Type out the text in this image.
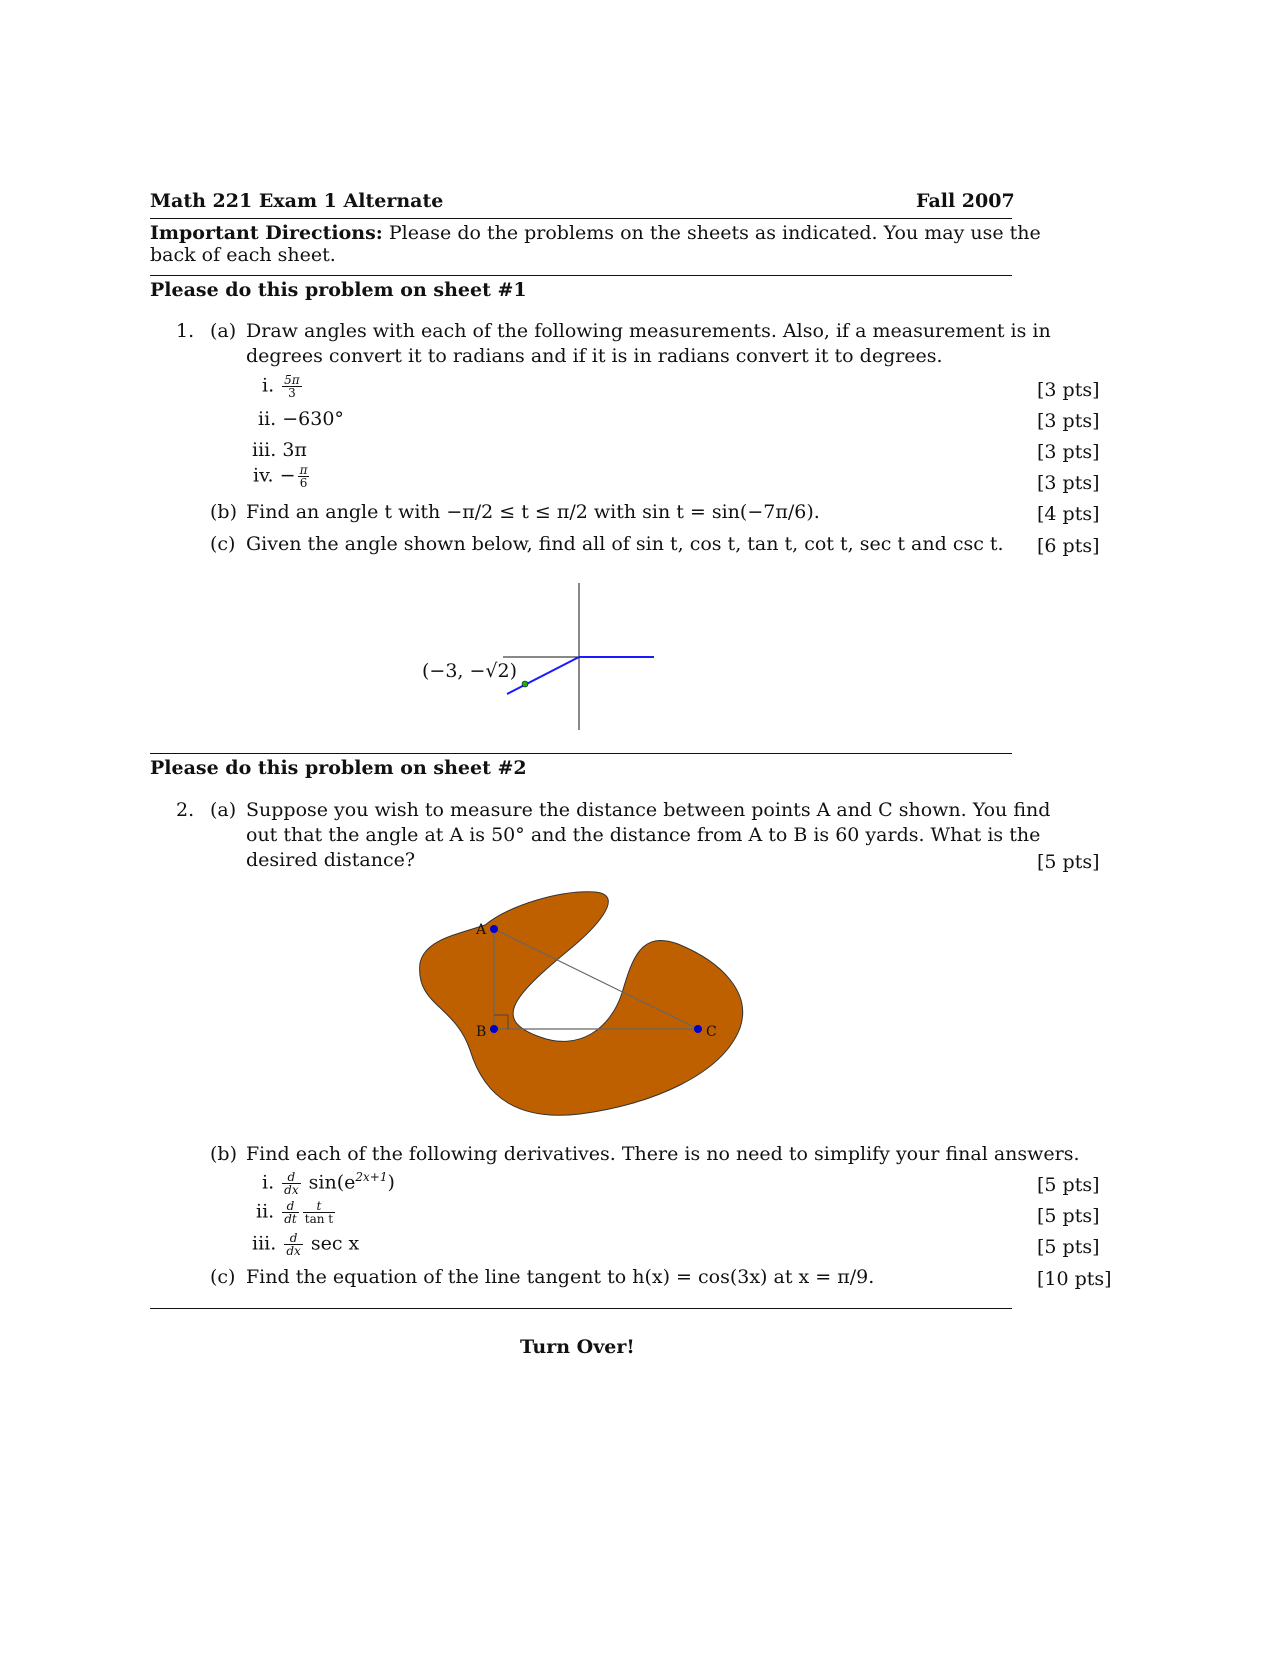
Math 221 Exam 1 Alternate	Fall 2007
Important Directions: Please do the problems on the sheets as indicated. You may use the
back of each sheet.
Please do this problem on sheet #1
1. (a) Draw angles with each of the following measurements. Also, if a measurement is in
degrees convert it to radians and if it is in radians convert it to degrees.
i. $\frac{5\pi}{3}$	[3 pts]
ii. −630°	[3 pts]
iii. 3π	[3 pts]
iv. − $\frac{\pi}{6}$	[3 pts]
(b) Find an angle t with −π/2 ≤ t ≤ π/2 with sin t = sin(−7π/6).	[4 pts]
(c) Given the angle shown below, find all of sin t, cos t, tan t, cot t, sec t and csc t. [6 pts]
(−3, −√2)
Please do this problem on sheet #2
2. (a) Suppose you wish to measure the distance between points A and C shown. You find
out that the angle at A is 50° and the distance from A to B is 60 yards. What is the
desired distance?	[5 pts]
A
B	C
(b) Find each of the following derivatives. There is no need to simplify your final answers.
i. $\frac{d}{dx} \sin(e^{2x+1})$	[5 pts]
ii. $\frac{d}{dt} \frac{t}{\text{tan t}}$	[5 pts]
iii. $\frac{d}{dx}$ sec x	[5 pts]
(c) Find the equation of the line tangent to h(x) = cos(3x) at x = π/9.	[10 pts]
Turn Over!
